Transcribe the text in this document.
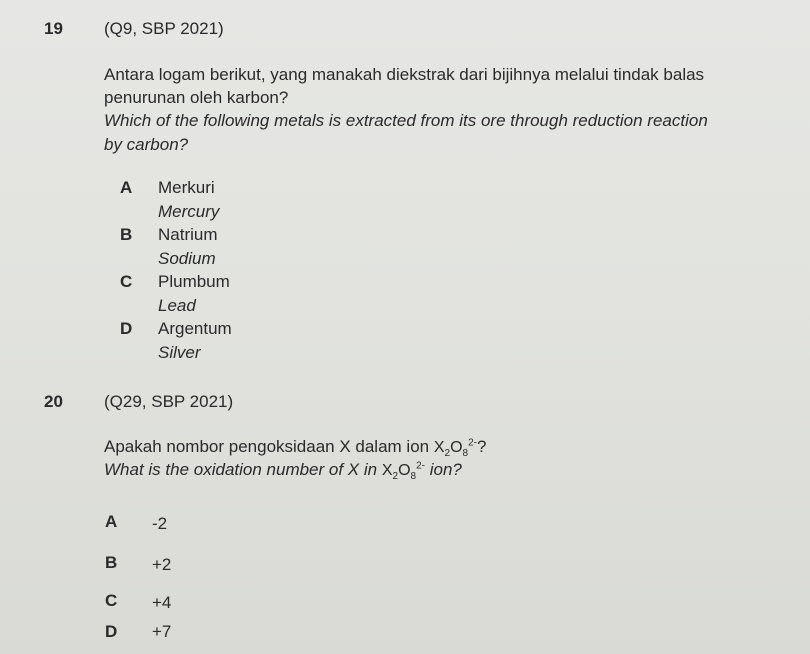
19 (Q9, SBP 2021)
Antara logam berikut, yang manakah diekstrak dari bijihnya melalui tindak balas
penurunan oleh karbon?
Which of the following metals is extracted from its ore through reduction reaction
by carbon?
A Merkuri
Mercury
B Natrium
Sodium
C Plumbum
Lead
D Argentum
Silver
20 (Q29, SBP 2021)
Apakah nombor pengoksidaan X dalam ion $X_2O_8^{2-}$?
What is the oxidation number of X in $X_2O_8^{2-}$ ion?
A -2
B +2
C +4
D +7
